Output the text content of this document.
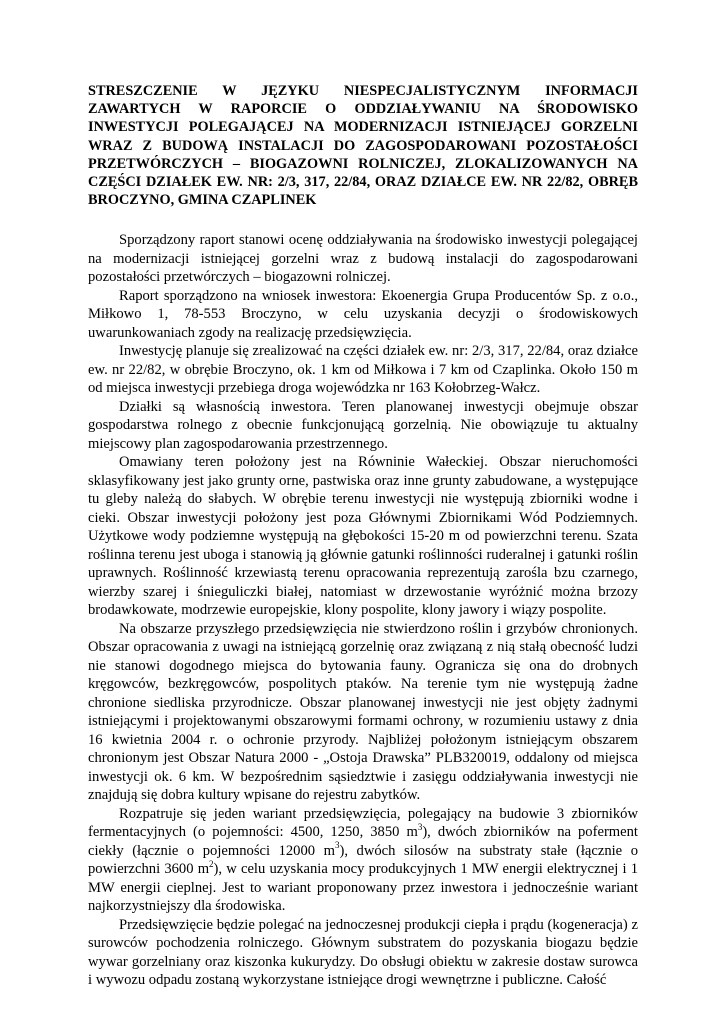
STRESZCZENIE W JĘZYKU NIESPECJALISTYCZNYM INFORMACJI ZAWARTYCH W RAPORCIE O ODDZIAŁYWANIU NA ŚRODOWISKO INWESTYCJI POLEGAJĄCEJ NA MODERNIZACJI ISTNIEJĄCEJ GORZELNI WRAZ Z BUDOWĄ INSTALACJI DO ZAGOSPODAROWANI POZOSTAŁOŚCI PRZETWÓRCZYCH – BIOGAZOWNI ROLNICZEJ, ZLOKALIZOWANYCH NA CZĘŚCI DZIAŁEK EW. NR: 2/3, 317, 22/84, ORAZ DZIAŁCE EW. NR 22/82, OBRĘB BROCZYNO, GMINA CZAPLINEK

Sporządzony raport stanowi ocenę oddziaływania na środowisko inwestycji polegającej na modernizacji istniejącej gorzelni wraz z budową instalacji do zagospodarowani pozostałości przetwórczych – biogazowni rolniczej.

Raport sporządzono na wniosek inwestora: Ekoenergia Grupa Producentów Sp. z o.o., Miłkowo 1, 78-553 Broczyno, w celu uzyskania decyzji o środowiskowych uwarunkowaniach zgody na realizację przedsięwzięcia.

Inwestycję planuje się zrealizować na części działek ew. nr: 2/3, 317, 22/84, oraz działce ew. nr 22/82, w obrębie Broczyno, ok. 1 km od Miłkowa i 7 km od Czaplinka. Około 150 m od miejsca inwestycji przebiega droga wojewódzka nr 163 Kołobrzeg-Wałcz.

Działki są własnością inwestora. Teren planowanej inwestycji obejmuje obszar gospodarstwa rolnego z obecnie funkcjonującą gorzelnią. Nie obowiązuje tu aktualny miejscowy plan zagospodarowania przestrzennego.

Omawiany teren położony jest na Równinie Wałeckiej. Obszar nieruchomości sklasyfikowany jest jako grunty orne, pastwiska oraz inne grunty zabudowane, a występujące tu gleby należą do słabych. W obrębie terenu inwestycji nie występują zbiorniki wodne i cieki. Obszar inwestycji położony jest poza Głównymi Zbiornikami Wód Podziemnych. Użytkowe wody podziemne występują na głębokości 15-20 m od powierzchni terenu. Szata roślinna terenu jest uboga i stanowią ją głównie gatunki roślinności ruderalnej i gatunki roślin uprawnych. Roślinność krzewiastą terenu opracowania reprezentują zarośla bzu czarnego, wierzby szarej i śnieguliczki białej, natomiast w drzewostanie wyróżnić można brzozy brodawkowate, modrzewie europejskie, klony pospolite, klony jawory i wiązy pospolite.

Na obszarze przyszłego przedsięwzięcia nie stwierdzono roślin i grzybów chronionych. Obszar opracowania z uwagi na istniejącą gorzelnię oraz związaną z nią stałą obecność ludzi nie stanowi dogodnego miejsca do bytowania fauny. Ogranicza się ona do drobnych kręgowców, bezkręgowców, pospolitych ptaków. Na terenie tym nie występują żadne chronione siedliska przyrodnicze. Obszar planowanej inwestycji nie jest objęty żadnymi istniejącymi i projektowanymi obszarowymi formami ochrony, w rozumieniu ustawy z dnia 16 kwietnia 2004 r. o ochronie przyrody. Najbliżej położonym istniejącym obszarem chronionym jest Obszar Natura 2000 - „Ostoja Drawska” PLB320019, oddalony od miejsca inwestycji ok. 6 km. W bezpośrednim sąsiedztwie i zasięgu oddziaływania inwestycji nie znajdują się dobra kultury wpisane do rejestru zabytków.

Rozpatruje się jeden wariant przedsięwzięcia, polegający na budowie 3 zbiorników fermentacyjnych (o pojemności: 4500, 1250, 3850 $m^3$), dwóch zbiorników na poferment ciekły (łącznie o pojemności 12000 $m^3$), dwóch silosów na substraty stałe (łącznie o powierzchni 3600 $m^2$), w celu uzyskania mocy produkcyjnych 1 MW energii elektrycznej i 1 MW energii cieplnej. Jest to wariant proponowany przez inwestora i jednocześnie wariant najkorzystniejszy dla środowiska.

Przedsięwzięcie będzie polegać na jednoczesnej produkcji ciepła i prądu (kogeneracja) z surowców pochodzenia rolniczego. Głównym substratem do pozyskania biogazu będzie wywar gorzelniany oraz kiszonka kukurydzy. Do obsługi obiektu w zakresie dostaw surowca i wywozu odpadu zostaną wykorzystane istniejące drogi wewnętrzne i publiczne. Całość
